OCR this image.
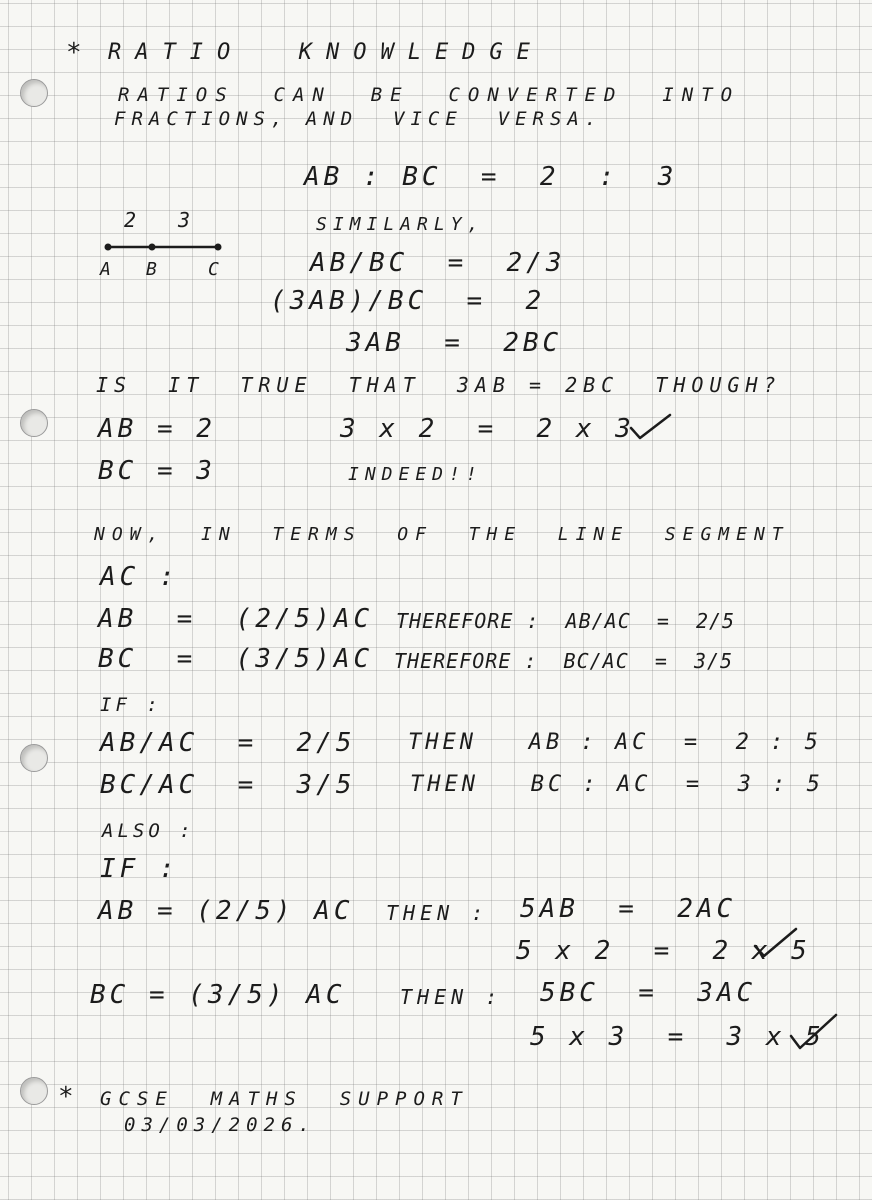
* RATIO  KNOWLEDGE
RATIOS  CAN  BE  CONVERTED  INTO
FRACTIONS, AND  VICE  VERSA.
AB : BC  =  2  :  3
SIMILARLY,
AB/BC  =  2/3
(3AB)/BC  =  2
3AB  =  2BC
2 3
A B	C
IS  IT  TRUE  THAT  3AB = 2BC  THOUGH?
AB = 2	3 x 2  =  2 x 3
BC = 3	INDEED!!
NOW,  IN  TERMS  OF  THE  LINE  SEGMENT
AC :
AB  =  (2/5)AC THEREFORE :  AB/AC  =  2/5
BC  =  (3/5)AC THEREFORE :  BC/AC  =  3/5
IF :
AB/AC  =  2/5 THEN   AB : AC  =  2 : 5
BC/AC  =  3/5 THEN   BC : AC  =  3 : 5
ALSO :
IF :
AB = (2/5) AC THEN : 5AB  =  2AC
5 x 2  =  2 x 5
BC = (3/5) AC	THEN : 5BC  =  3AC
5 x 3  =  3 x 5
* GCSE  MATHS  SUPPORT
03/03/2026.
